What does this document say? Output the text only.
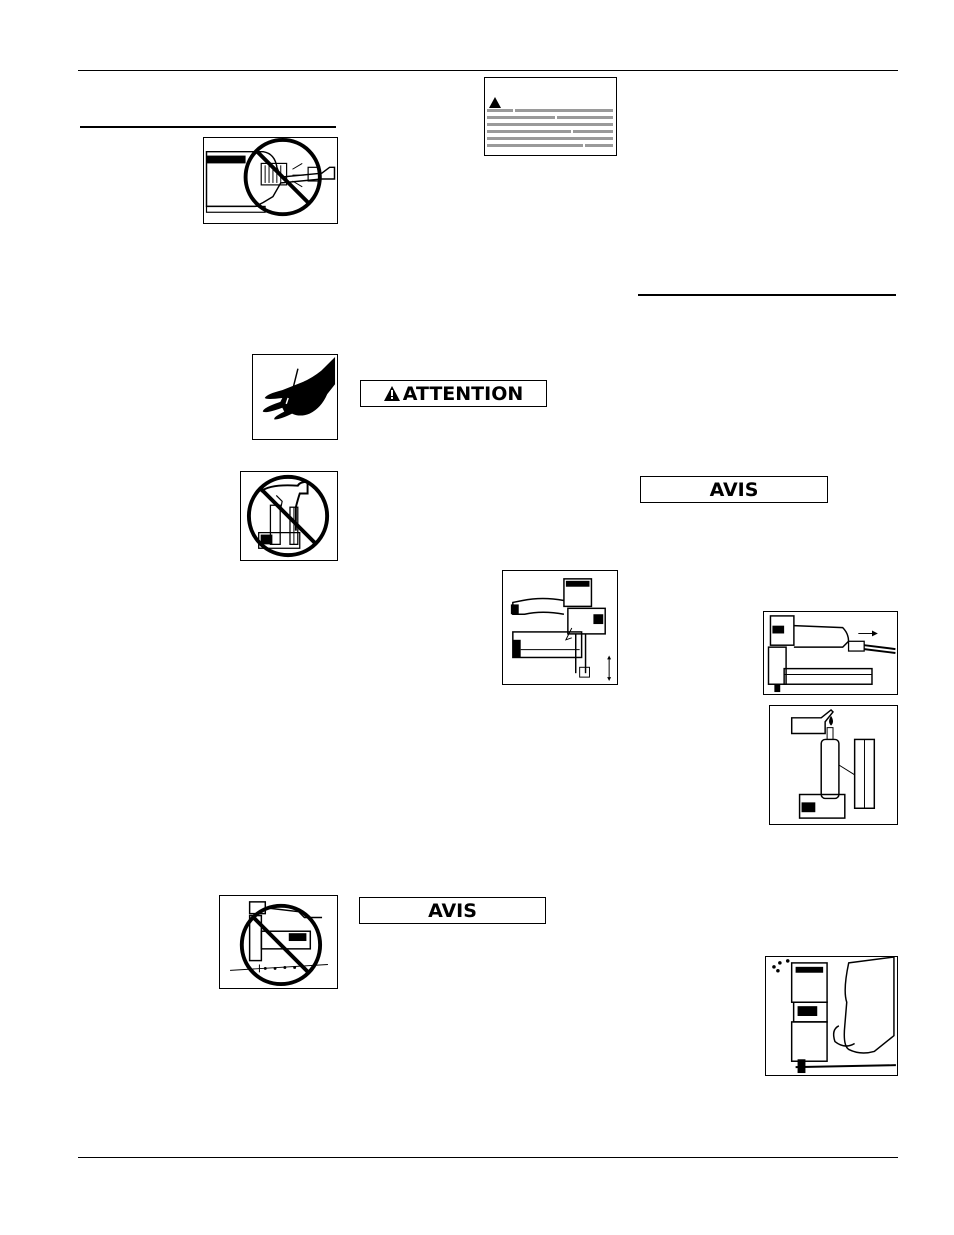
ATTENTION
AVIS
AVIS
